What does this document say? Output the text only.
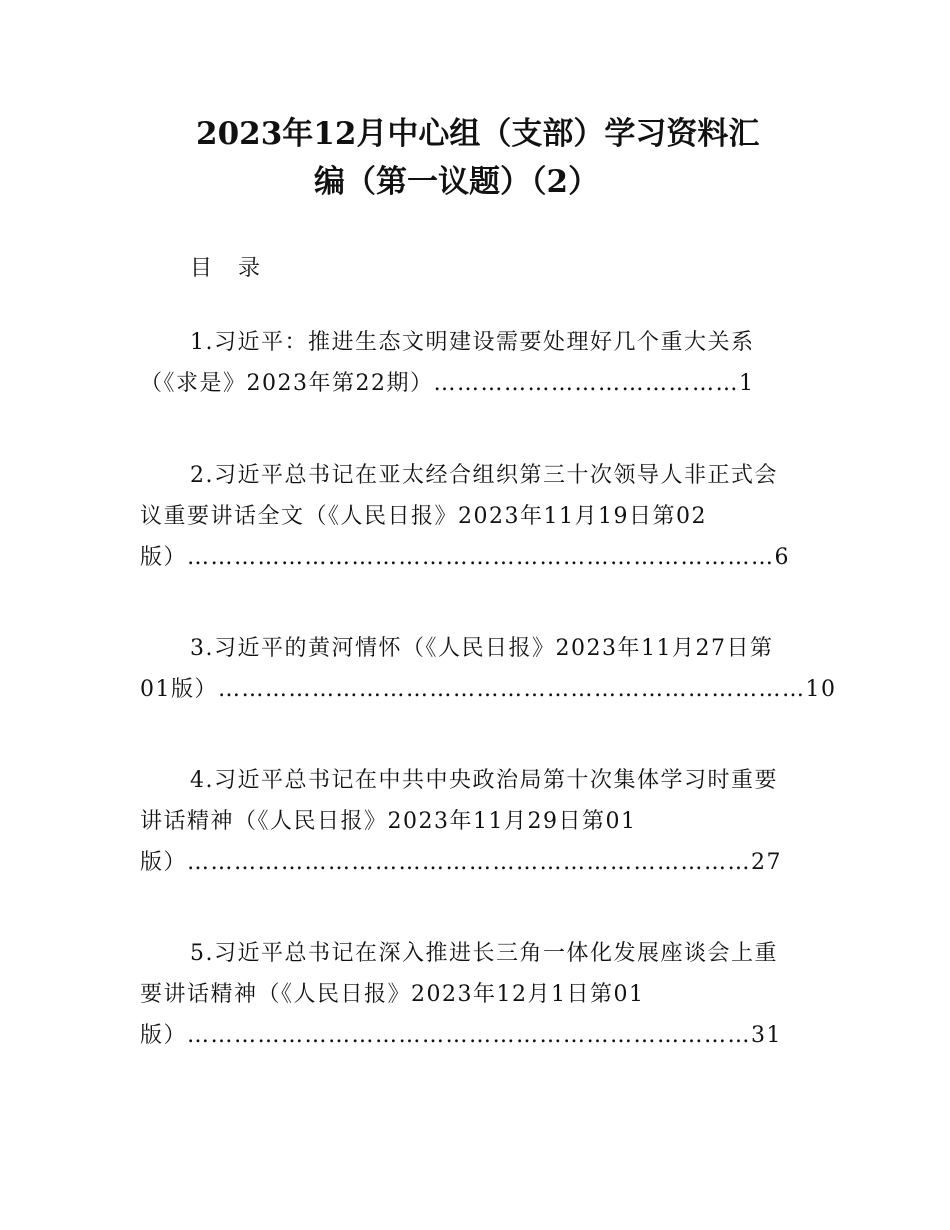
2023年12月中心组（支部）学习资料汇
编（第一议题）（2）
目录
1.习近平：推进生态文明建设需要处理好几个重大关系
（《求是》2023年第22期）…………………………………1
2.习近平总书记在亚太经合组织第三十次领导人非正式会
议重要讲话全文（《人民日报》2023年11月19日第02
版）…………………………………………………………………6
3.习近平的黄河情怀（《人民日报》2023年11月27日第
01版）…………………………………………………………………10
4.习近平总书记在中共中央政治局第十次集体学习时重要
讲话精神（《人民日报》2023年11月29日第01
版）………………………………………………………………27
5.习近平总书记在深入推进长三角一体化发展座谈会上重
要讲话精神（《人民日报》2023年12月1日第01
版）………………………………………………………………31
